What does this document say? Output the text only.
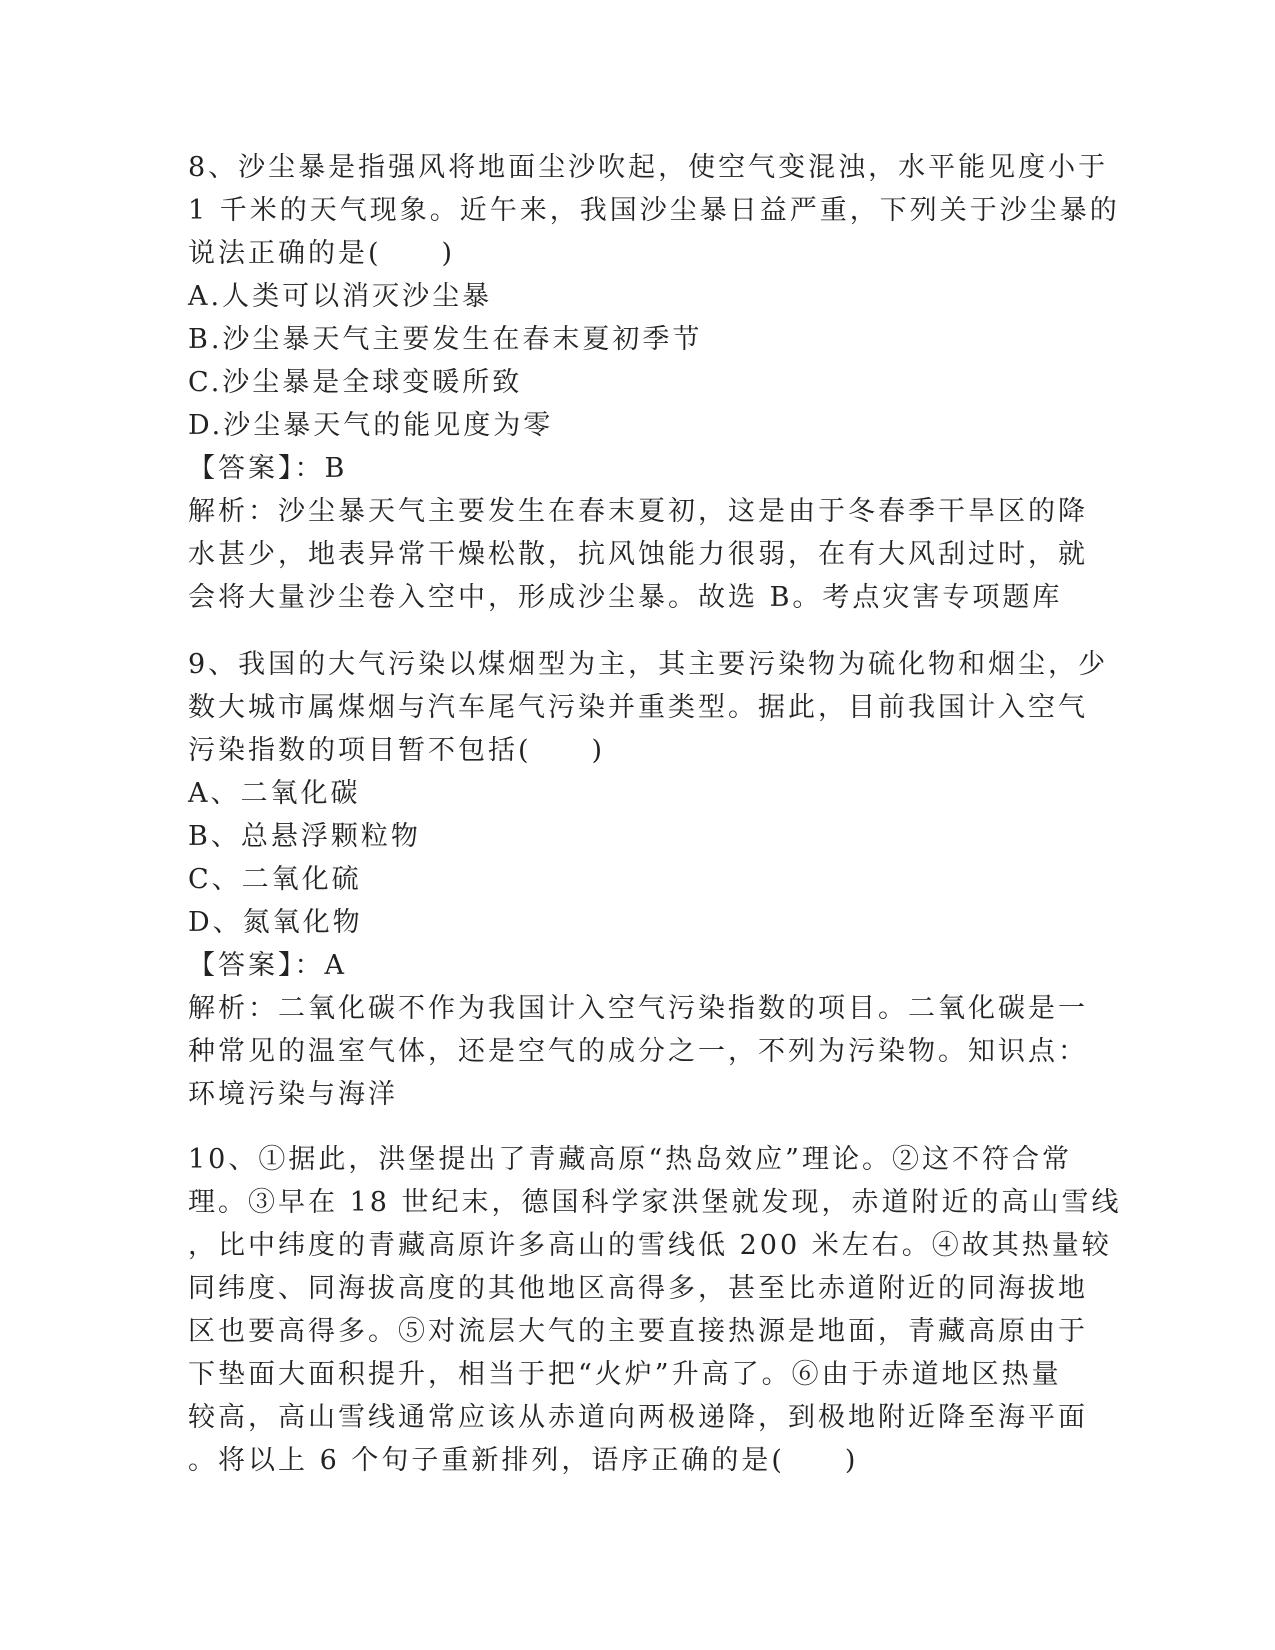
8、沙尘暴是指强风将地面尘沙吹起，使空气变混浊，水平能见度小于

1 千米的天气现象。近午来，我国沙尘暴日益严重，下列关于沙尘暴的

说法正确的是(　　)

A.人类可以消灭沙尘暴

B.沙尘暴天气主要发生在春末夏初季节

C.沙尘暴是全球变暖所致

D.沙尘暴天气的能见度为零

【答案】：B

解析：沙尘暴天气主要发生在春末夏初，这是由于冬春季干旱区的降

水甚少，地表异常干燥松散，抗风蚀能力很弱，在有大风刮过时，就

会将大量沙尘卷入空中，形成沙尘暴。故选 B。考点灾害专项题库

9、我国的大气污染以煤烟型为主，其主要污染物为硫化物和烟尘，少

数大城市属煤烟与汽车尾气污染并重类型。据此，目前我国计入空气

污染指数的项目暂不包括(　　)

A、二氧化碳

B、总悬浮颗粒物

C、二氧化硫

D、氮氧化物

【答案】：A

解析：二氧化碳不作为我国计入空气污染指数的项目。二氧化碳是一

种常见的温室气体，还是空气的成分之一，不列为污染物。知识点：

环境污染与海洋

10、①据此，洪堡提出了青藏高原“热岛效应”理论。②这不符合常

理。③早在 18 世纪末，德国科学家洪堡就发现，赤道附近的高山雪线

，比中纬度的青藏高原许多高山的雪线低 200 米左右。④故其热量较

同纬度、同海拔高度的其他地区高得多，甚至比赤道附近的同海拔地

区也要高得多。⑤对流层大气的主要直接热源是地面，青藏高原由于

下垫面大面积提升，相当于把“火炉”升高了。⑥由于赤道地区热量

较高，高山雪线通常应该从赤道向两极递降，到极地附近降至海平面

。将以上 6 个句子重新排列，语序正确的是(　　)
